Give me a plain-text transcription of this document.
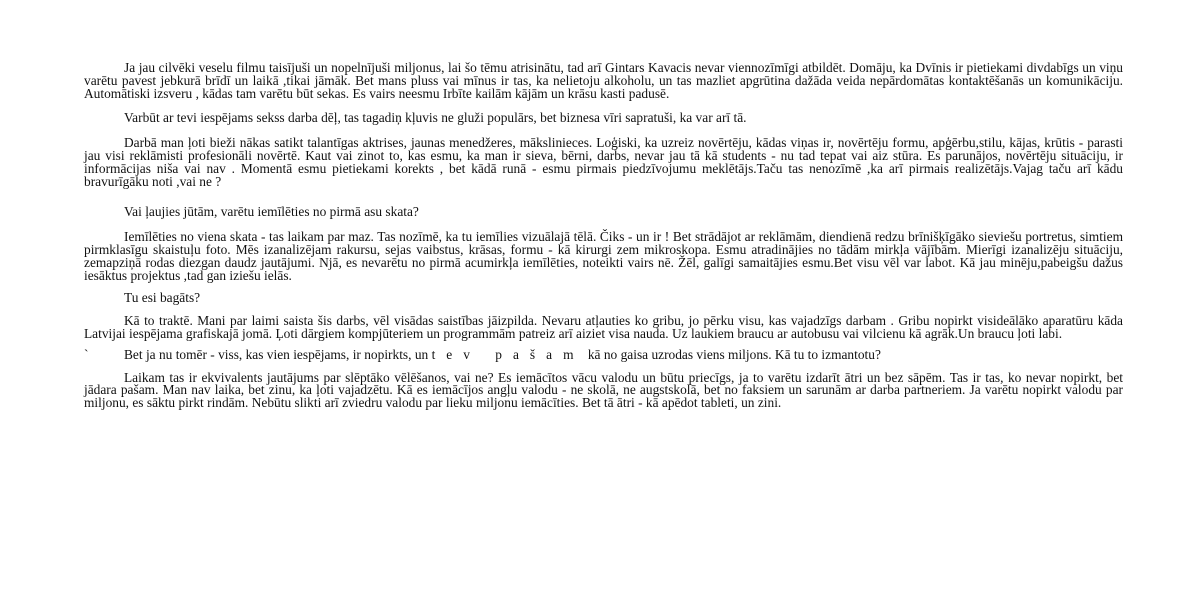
Ja jau cilvēki veselu filmu taisījuši un nopelnījuši miljonus, lai šo tēmu atrisinātu, tad arī Gintars Kavacis nevar viennozīmīgi atbildēt. Domāju, ka Dvīnis ir pietiekami divdabīgs un viņu varētu pavest jebkurā brīdī un laikā ,tikai jāmāk. Bet mans pluss vai mīnus ir tas, ka nelietoju alkoholu, un tas mazliet apgrūtina dažāda veida nepārdomātas kontaktēšanās un komunikāciju. Automātiski izsveru , kādas tam varētu būt sekas. Es vairs neesmu Irbīte kailām kājām un krāsu kasti padusē.

Varbūt ar tevi iespējams sekss darba dēļ, tas tagadiņ kļuvis ne gluži populārs, bet biznesa vīri sapratuši, ka var arī tā.

Darbā man ļoti bieži nākas satikt talantīgas aktrises, jaunas menedžeres, mākslinieces. Loģiski, ka uzreiz novērtēju, kādas viņas ir, novērtēju formu, apģērbu,stilu, kājas, krūtis - parasti jau visi reklāmisti profesionāli novērtē. Kaut vai zinot to, kas esmu, ka man ir sieva, bērni, darbs, nevar jau tā kā students - nu tad tepat vai aiz stūra. Es parunājos, novērtēju situāciju, ir informācijas niša vai nav . Momentā esmu pietiekami korekts , bet kādā runā - esmu pirmais piedzīvojumu meklētājs.Taču tas nenozīmē ,ka arī pirmais realizētājs.Vajag taču arī kādu bravurīgāku noti ,vai ne ?

Vai ļaujies jūtām, varētu iemīlēties no pirmā asu skata?

Iemīlēties no viena skata - tas laikam par maz. Tas nozīmē, ka tu iemīlies vizuālajā tēlā. Čiks - un ir ! Bet strādājot ar reklāmām, diendienā redzu brīnišķīgāko sieviešu portretus, simtiem pirmklasīgu skaistuļu foto. Mēs izanalizējam rakursu, sejas vaibstus, krāsas, formu - kā kirurgi zem mikroskopa. Esmu atradinājies no tādām mirkļa vājībām. Mierīgi izanalizēju situāciju, zemapziņā rodas diezgan daudz jautājumi. Njā, es nevarētu no pirmā acumirkļa iemīlēties, noteikti vairs nē. Žēl, galīgi samaitājies esmu.Bet visu vēl var labot. Kā jau minēju,pabeigšu dažus iesāktus projektus ,tad gan iziešu ielās.

Tu esi bagāts?

Kā to traktē. Mani par laimi saista šis darbs, vēl visādas saistības jāizpilda. Nevaru atļauties ko gribu, jo pērku visu, kas vajadzīgs darbam . Gribu nopirkt visideālāko aparatūru kāda Latvijai iespējama grafiskajā jomā. Ļoti dārgiem kompjūteriem un programmām patreiz arī aiziet visa nauda. Uz laukiem braucu ar autobusu vai vilcienu kā agrāk.Un braucu ļoti labi.

`	Bet ja nu tomēr - viss, kas vien iespējams, ir nopirkts, un tev pašam kā no gaisa uzrodas viens miljons. Kā tu to izmantotu?

Laikam tas ir ekvivalents jautājums par slēptāko vēlēšanos, vai ne? Es iemācītos vācu valodu un būtu priecīgs, ja to varētu izdarīt ātri un bez sāpēm. Tas ir tas, ko nevar nopirkt, bet jādara pašam. Man nav laika, bet zinu, ka ļoti vajadzētu. Kā es iemācījos angļu valodu - ne skolā, ne augstskolā, bet no faksiem un sarunām ar darba partneriem. Ja varētu nopirkt valodu par miljonu, es sāktu pirkt rindām. Nebūtu slikti arī zviedru valodu par lieku miljonu iemācīties. Bet tā ātri - kā apēdot tableti, un zini.
